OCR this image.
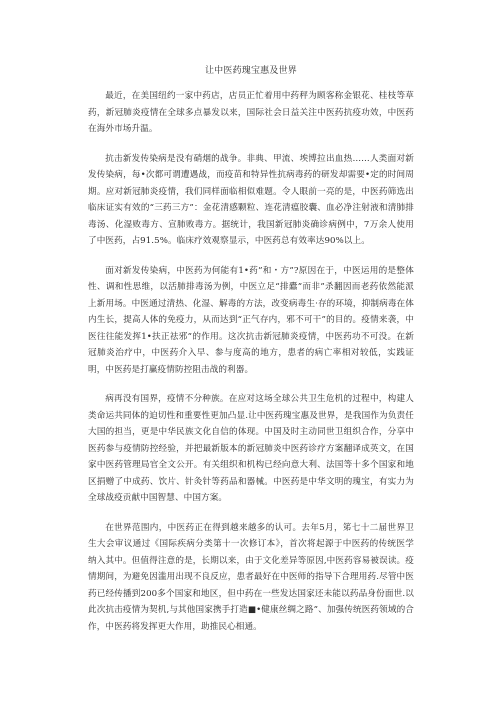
让中医药瑰宝惠及世界

最近，在美国纽约一家中药店，店员正忙着用中药秤为顾客称金银花、桂枝等草药，新冠肺炎疫情在全球多点暴发以来，国际社会日益关注中医药抗疫功效，中医药在海外市场升温。

抗击新发传染病是没有硝烟的战争。非典、甲流、埃博拉出血热……人类面对新发传染病，每•次都可谓遭遇战，而疫苗和特异性抗病毒药的研发却需要•定的时间周期。应对新冠肺炎疫情，我们同样面临相似难题。令人眼前一亮的是，中医药筛选出临床证实有效的“三药三方”：金花清感颗粒、连花清瘟胶囊、血必净注射液和清肺排毒汤、化湿败毒方、宣肺败毒方。据统计，我国新冠肺炎确诊病例中，7万余人使用了中医药，占91.5%。临床疗效观察显示，中医药总有效率达90%以上。

面对新发传染病，中医药为何能有1•药”和・方”?原因在于，中医运用的是整体性、调和性思维，以活肺排毒汤为例，中医立足“排蠹”而非”杀翻因而老药依然能派上新用场。中医通过清热、化湿、解毒的方法，改变病毒生·存的环境，抑制病毒在体内生长，提高人体的免疫力，从而达到“正气存内，邪不可干”的目的。疫情来袭，中医往往能发挥1•扶正祛邪”的作用。这次抗击新冠肺炎疫情，中医药功不可没。在新冠肺炎治疗中，中医药介入早、参与度高的地方，患者的病亡率相对较低，实践证明，中医药是打赢疫情防控阻击战的利器。

病再没有国界，疫情不分种族。在应对这场全球公共卫生危机的过程中，构建人类命运共同体的迫切性和重要性更加凸显.让中医药瑰宝惠及世界，是我国作为负责任大国的担当，更是中华民族文化自信的体现。中国及时主动同世卫组织合作，分享中医药参与疫情防控经验，并把最新版本的新冠肺炎中医药诊疗方案翻译成英文，在国家中医药管理局官全文公开。有关组织和机构已经向意大利、法国等十多个国家和地区捐赠了中成药、饮片、针灸针等药品和器械。中医药是中华文明的瑰宝，有实力为全球战疫贡献中国智慧、中国方案。

在世界范围内，中医药正在得到越来越多的认可。去年5月，笫七十二届世界卫生大会审议通过《国际疾病分类第十一次修订本》，首次将起源于中医药的传统医学纳入其中。但值得注意的是，长期以来，由于文化差异等原因,中医药容易被误读。疫情期间，为避免因滥用出现不良反应，患者最好在中医师的指导下合理用药.尽管中医药已经传播到200多个国家和地区，但中药在一些发达国家还未能以药品身份面世.以此次抗击疫情为契机,与其他国家携手打造■•健康丝绸之路”、加强传统医药领域的合作，中医药将发挥更大作用，助推民心相通。
